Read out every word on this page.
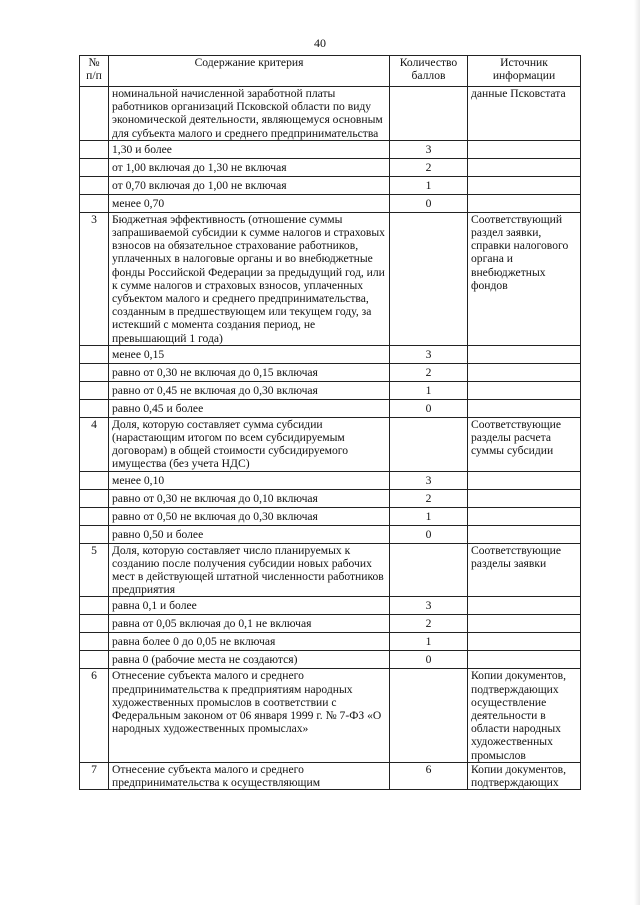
40
№ п/п	Содержание критерия	Количество баллов	Источник информации
	номинальной начисленной заработной платы работников организаций Псковской области по виду экономической деятельности, являющемуся основным для субъекта малого и среднего предпринимательства		данные Псковстата
	1,30 и более	3	
	от 1,00 включая до 1,30 не включая	2	
	от 0,70 включая до 1,00 не включая	1	
	менее 0,70	0	
3	Бюджетная эффективность (отношение суммы запрашиваемой субсидии к сумме налогов и страховых взносов на обязательное страхование работников, уплаченных в налоговые органы и во внебюджетные фонды Российской Федерации за предыдущий год, или к сумме налогов и страховых взносов, уплаченных субъектом малого и среднего предпринимательства, созданным в предшествующем или текущем году, за истекший с момента создания период, не превышающий 1 года)		Соответствующий раздел заявки, справки налогового органа и внебюджетных фондов
	менее 0,15	3	
	равно от 0,30 не включая до 0,15 включая	2	
	равно от 0,45 не включая до 0,30 включая	1	
	равно 0,45 и более	0	
4	Доля, которую составляет сумма субсидии (нарастающим итогом по всем субсидируемым договорам) в общей стоимости субсидируемого имущества (без учета НДС)		Соответствующие разделы расчета суммы субсидии
	менее 0,10	3	
	равно от 0,30 не включая до 0,10 включая	2	
	равно от 0,50 не включая до 0,30 включая	1	
	равно 0,50 и более	0	
5	Доля, которую составляет число планируемых к созданию после получения субсидии новых рабочих мест в действующей штатной численности работников предприятия		Соответствующие разделы заявки
	равна 0,1 и более	3	
	равна от 0,05 включая до 0,1 не включая	2	
	равна более 0 до 0,05 не включая	1	
	равна 0 (рабочие места не создаются)	0	
6	Отнесение субъекта малого и среднего предпринимательства к предприятиям народных художественных промыслов в соответствии с Федеральным законом от 06 января 1999 г. № 7-ФЗ «О народных художественных промыслах»		Копии документов, подтверждающих осуществление деятельности в области народных художественных промыслов
7	Отнесение субъекта малого и среднего предпринимательства к осуществляющим	6	Копии документов, подтверждающих
